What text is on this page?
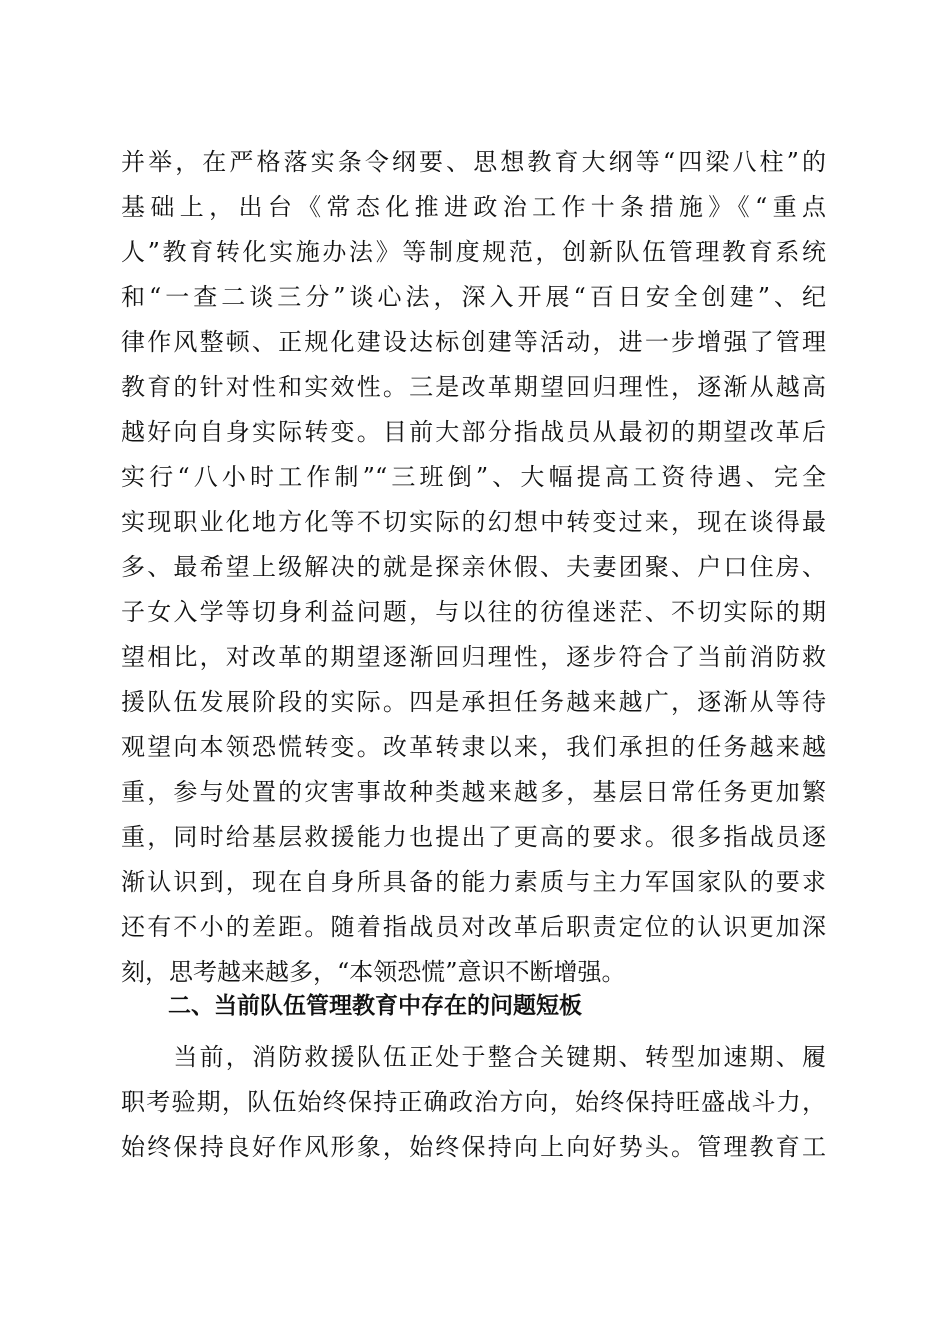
并举，在严格落实条令纲要、思想教育大纲等“四梁八柱”的
基础上，出台《常态化推进政治工作十条措施》《“重点
人”教育转化实施办法》等制度规范，创新队伍管理教育系统
和“一查二谈三分”谈心法，深入开展“百日安全创建”、纪
律作风整顿、正规化建设达标创建等活动，进一步增强了管理
教育的针对性和实效性。三是改革期望回归理性，逐渐从越高
越好向自身实际转变。目前大部分指战员从最初的期望改革后
实行“八小时工作制”“三班倒”、大幅提高工资待遇、完全
实现职业化地方化等不切实际的幻想中转变过来，现在谈得最
多、最希望上级解决的就是探亲休假、夫妻团聚、户口住房、
子女入学等切身利益问题，与以往的彷徨迷茫、不切实际的期
望相比，对改革的期望逐渐回归理性，逐步符合了当前消防救
援队伍发展阶段的实际。四是承担任务越来越广，逐渐从等待
观望向本领恐慌转变。改革转隶以来，我们承担的任务越来越
重，参与处置的灾害事故种类越来越多，基层日常任务更加繁
重，同时给基层救援能力也提出了更高的要求。很多指战员逐
渐认识到，现在自身所具备的能力素质与主力军国家队的要求
还有不小的差距。随着指战员对改革后职责定位的认识更加深
刻，思考越来越多，“本领恐慌”意识不断增强。
二、当前队伍管理教育中存在的问题短板
　　当前，消防救援队伍正处于整合关键期、转型加速期、履
职考验期，队伍始终保持正确政治方向，始终保持旺盛战斗力，
始终保持良好作风形象，始终保持向上向好势头。管理教育工
